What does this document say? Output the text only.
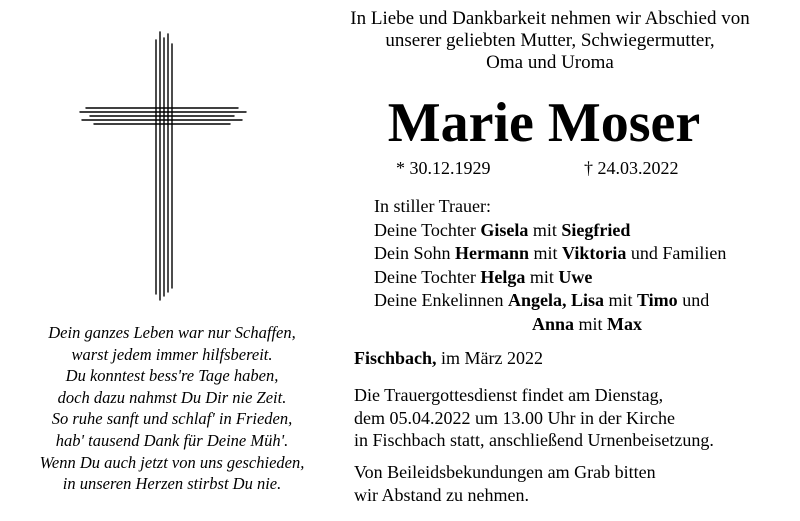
Dein ganzes Leben war nur Schaffen,
warst jedem immer hilfsbereit.
Du konntest bess're Tage haben,
doch dazu nahmst Du Dir nie Zeit.
So ruhe sanft und schlaf' in Frieden,
hab' tausend Dank für Deine Müh'.
Wenn Du auch jetzt von uns geschieden,
in unseren Herzen stirbst Du nie.
In Liebe und Dankbarkeit nehmen wir Abschied von
unserer geliebten Mutter, Schwiegermutter,
Oma und Uroma
Marie Moser
* 30.12.1929	† 24.03.2022
In stiller Trauer:
Deine Tochter Gisela mit Siegfried
Dein Sohn Hermann mit Viktoria und Familien
Deine Tochter Helga mit Uwe
Deine Enkelinnen Angela, Lisa mit Timo und
Anna mit Max
Fischbach, im März 2022
Die Trauergottesdienst findet am Dienstag,
dem 05.04.2022 um 13.00 Uhr in der Kirche
in Fischbach statt, anschließend Urnenbeisetzung.
Von Beileidsbekundungen am Grab bitten
wir Abstand zu nehmen.
